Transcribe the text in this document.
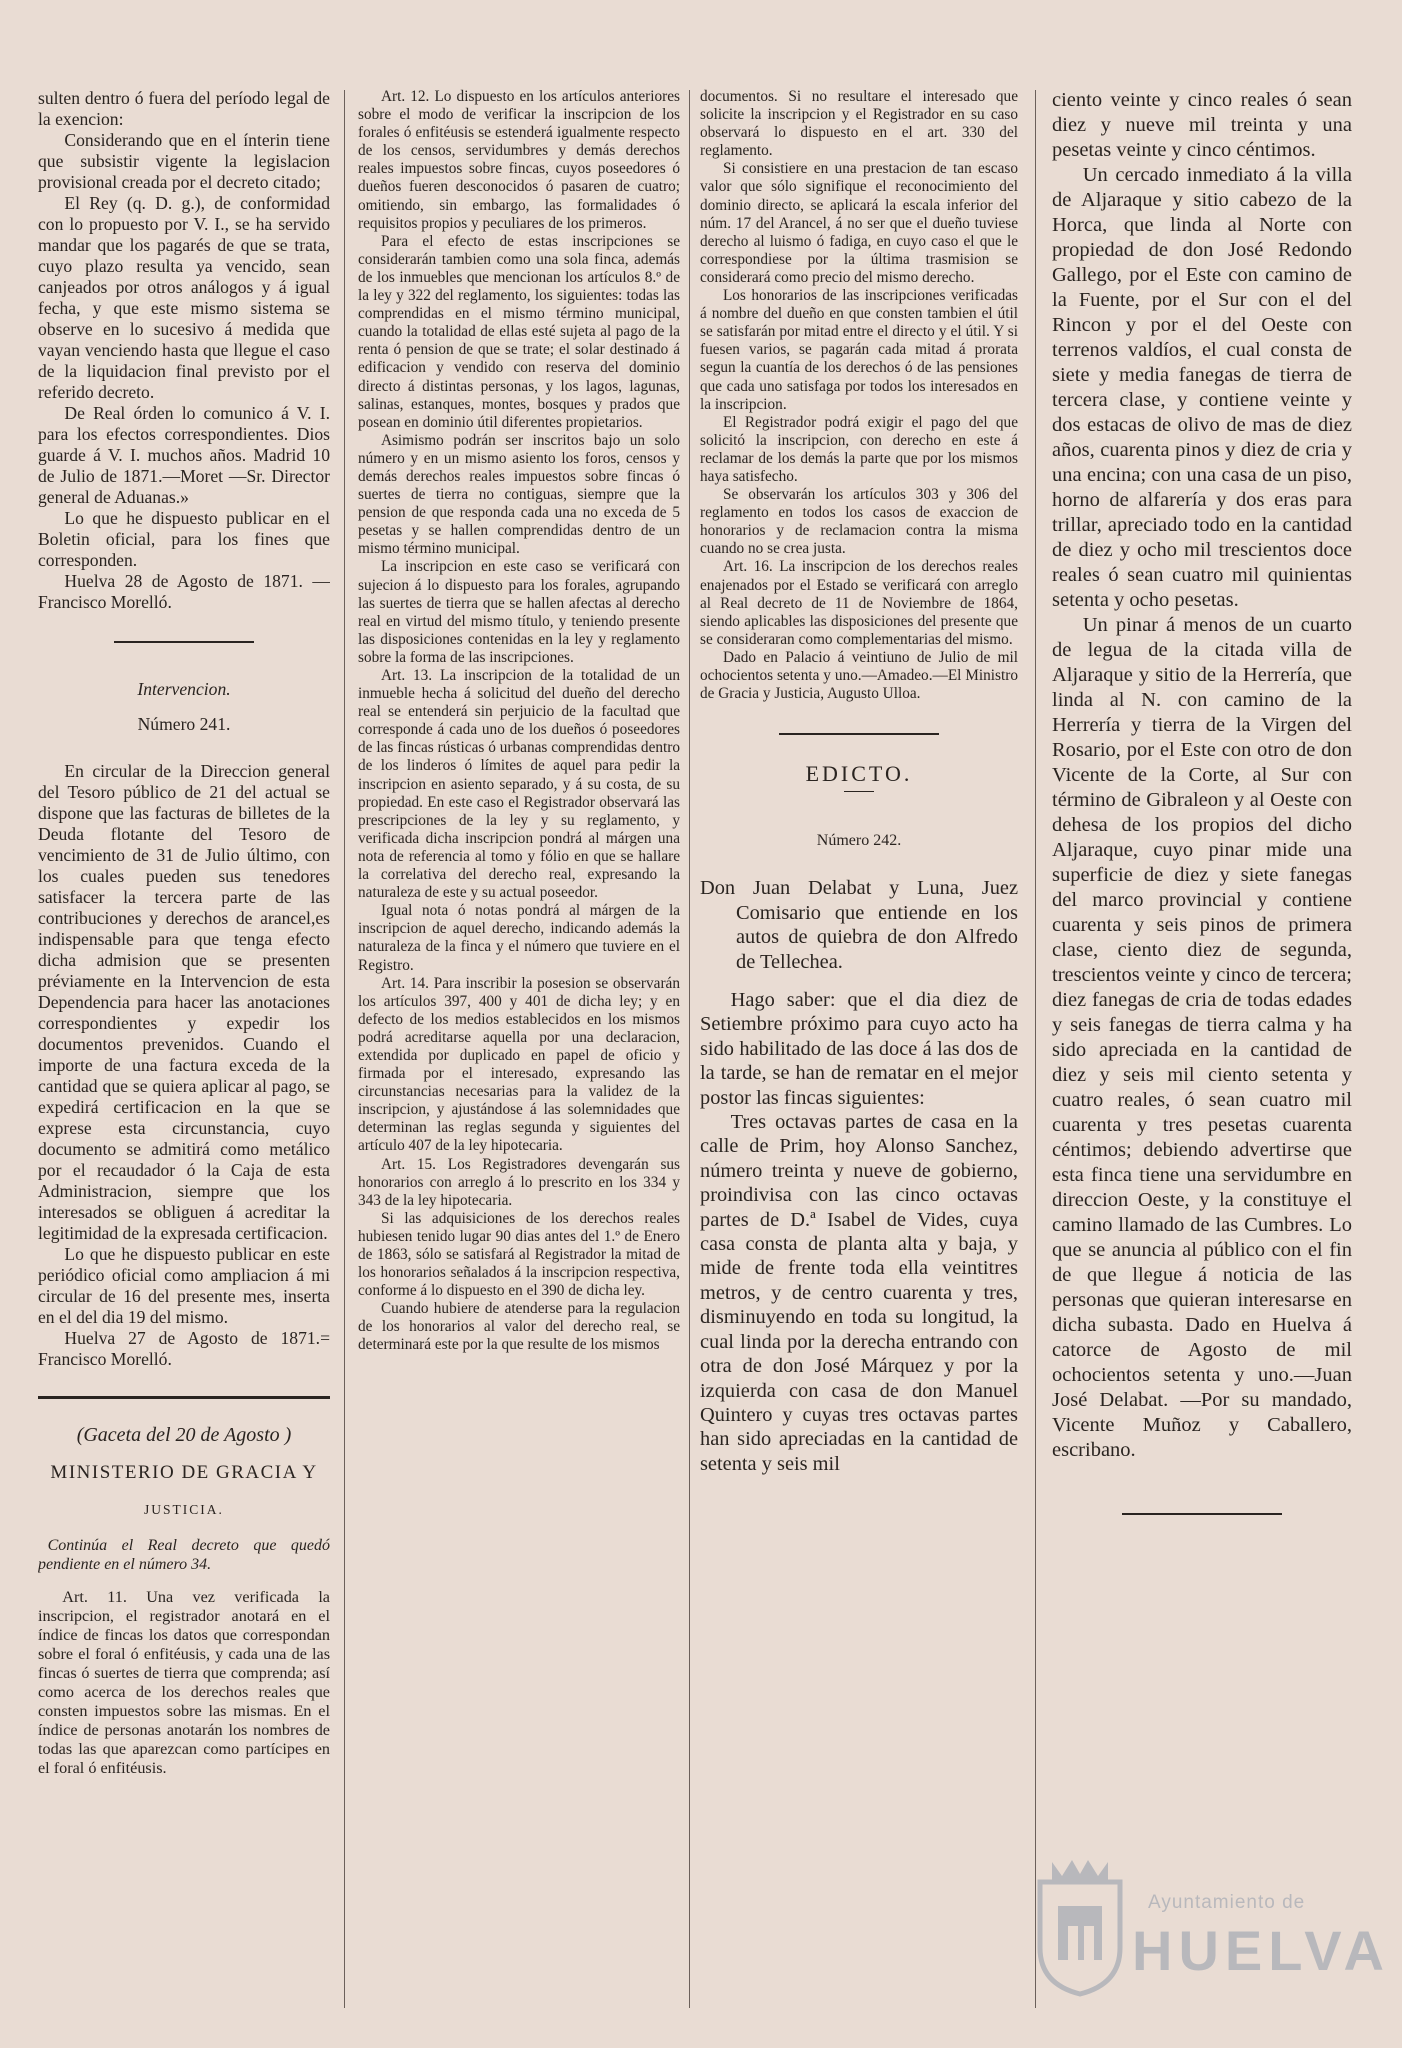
sulten dentro ó fuera del período legal de la exencion:

Considerando que en el ínterin tiene que subsistir vigente la legislacion provisional creada por el decreto citado;

El Rey (q. D. g.), de conformidad con lo propuesto por V. I., se ha servido mandar que los pagarés de que se trata, cuyo plazo resulta ya vencido, sean canjeados por otros análogos y á igual fecha, y que este mismo sistema se observe en lo sucesivo á medida que vayan venciendo hasta que llegue el caso de la liquidacion final previsto por el referido decreto.

De Real órden lo comunico á V. I. para los efectos correspondientes. Dios guarde á V. I. muchos años. Madrid 10 de Julio de 1871.—Moret —Sr. Director general de Aduanas.»

Lo que he dispuesto publicar en el Boletin oficial, para los fines que corresponden.

Huelva 28 de Agosto de 1871. —Francisco Morelló.

Intervencion.

Número 241.

En circular de la Direccion general del Tesoro público de 21 del actual se dispone que las facturas de billetes de la Deuda flotante del Tesoro de vencimiento de 31 de Julio último, con los cuales pueden sus tenedores satisfacer la tercera parte de las contribuciones y derechos de arancel,es indispensable para que tenga efecto dicha admision que se presenten préviamente en la Intervencion de esta Dependencia para hacer las anotaciones correspondientes y expedir los documentos prevenidos. Cuando el importe de una factura exceda de la cantidad que se quiera aplicar al pago, se expedirá certificacion en la que se exprese esta circunstancia, cuyo documento se admitirá como metálico por el recaudador ó la Caja de esta Administracion, siempre que los interesados se obliguen á acreditar la legitimidad de la expresada certificacion.

Lo que he dispuesto publicar en este periódico oficial como ampliacion á mi circular de 16 del presente mes, inserta en el del dia 19 del mismo.

Huelva 27 de Agosto de 1871.= Francisco Morelló.

(Gaceta del 20 de Agosto )

MINISTERIO DE GRACIA Y

JUSTICIA.

Continúa el Real decreto que quedó pendiente en el número 34.

Art. 11. Una vez verificada la inscripcion, el registrador anotará en el índice de fincas los datos que correspondan sobre el foral ó enfitéusis, y cada una de las fincas ó suertes de tierra que comprenda; así como acerca de los derechos reales que consten impuestos sobre las mismas. En el índice de personas anotarán los nombres de todas las que aparezcan como partícipes en el foral ó enfitéusis.

Art. 12. Lo dispuesto en los artículos anteriores sobre el modo de verificar la inscripcion de los forales ó enfitéusis se estenderá igualmente respecto de los censos, servidumbres y demás derechos reales impuestos sobre fincas, cuyos poseedores ó dueños fueren desconocidos ó pasaren de cuatro; omitiendo, sin embargo, las formalidades ó requisitos propios y peculiares de los primeros.

Para el efecto de estas inscripciones se considerarán tambien como una sola finca, además de los inmuebles que mencionan los artículos 8.º de la ley y 322 del reglamento, los siguientes: todas las comprendidas en el mismo término municipal, cuando la totalidad de ellas esté sujeta al pago de la renta ó pension de que se trate; el solar destinado á edificacion y vendido con reserva del dominio directo á distintas personas, y los lagos, lagunas, salinas, estanques, montes, bosques y prados que posean en dominio útil diferentes propietarios.

Asimismo podrán ser inscritos bajo un solo número y en un mismo asiento los foros, censos y demás derechos reales impuestos sobre fincas ó suertes de tierra no contiguas, siempre que la pension de que responda cada una no exceda de 5 pesetas y se hallen comprendidas dentro de un mismo término municipal.

La inscripcion en este caso se verificará con sujecion á lo dispuesto para los forales, agrupando las suertes de tierra que se hallen afectas al derecho real en virtud del mismo título, y teniendo presente las disposiciones contenidas en la ley y reglamento sobre la forma de las inscripciones.

Art. 13. La inscripcion de la totalidad de un inmueble hecha á solicitud del dueño del derecho real se entenderá sin perjuicio de la facultad que corresponde á cada uno de los dueños ó poseedores de las fincas rústicas ó urbanas comprendidas dentro de los linderos ó límites de aquel para pedir la inscripcion en asiento separado, y á su costa, de su propiedad. En este caso el Registrador observará las prescripciones de la ley y su reglamento, y verificada dicha inscripcion pondrá al márgen una nota de referencia al tomo y fólio en que se hallare la correlativa del derecho real, expresando la naturaleza de este y su actual poseedor.

Igual nota ó notas pondrá al márgen de la inscripcion de aquel derecho, indicando además la naturaleza de la finca y el número que tuviere en el Registro.

Art. 14. Para inscribir la posesion se observarán los artículos 397, 400 y 401 de dicha ley; y en defecto de los medios establecidos en los mismos podrá acreditarse aquella por una declaracion, extendida por duplicado en papel de oficio y firmada por el interesado, expresando las circunstancias necesarias para la validez de la inscripcion, y ajustándose á las solemnidades que determinan las reglas segunda y siguientes del artículo 407 de la ley hipotecaria.

Art. 15. Los Registradores devengarán sus honorarios con arreglo á lo prescrito en los 334 y 343 de la ley hipotecaria.

Si las adquisiciones de los derechos reales hubiesen tenido lugar 90 dias antes del 1.º de Enero de 1863, sólo se satisfará al Registrador la mitad de los honorarios señalados á la inscripcion respectiva, conforme á lo dispuesto en el 390 de dicha ley.

Cuando hubiere de atenderse para la regulacion de los honorarios al valor del derecho real, se determinará este por la que resulte de los mismos

documentos. Si no resultare el interesado que solicite la inscripcion y el Registrador en su caso observará lo dispuesto en el art. 330 del reglamento.

Si consistiere en una prestacion de tan escaso valor que sólo signifique el reconocimiento del dominio directo, se aplicará la escala inferior del núm. 17 del Arancel, á no ser que el dueño tuviese derecho al luismo ó fadiga, en cuyo caso el que le correspondiese por la última trasmision se considerará como precio del mismo derecho.

Los honorarios de las inscripciones verificadas á nombre del dueño en que consten tambien el útil se satisfarán por mitad entre el directo y el útil. Y si fuesen varios, se pagarán cada mitad á prorata segun la cuantía de los derechos ó de las pensiones que cada uno satisfaga por todos los interesados en la inscripcion.

El Registrador podrá exigir el pago del que solicitó la inscripcion, con derecho en este á reclamar de los demás la parte que por los mismos haya satisfecho.

Se observarán los artículos 303 y 306 del reglamento en todos los casos de exaccion de honorarios y de reclamacion contra la misma cuando no se crea justa.

Art. 16. La inscripcion de los derechos reales enajenados por el Estado se verificará con arreglo al Real decreto de 11 de Noviembre de 1864, siendo aplicables las disposiciones del presente que se consideraran como complementarias del mismo.

Dado en Palacio á veintiuno de Julio de mil ochocientos setenta y uno.—Amadeo.—El Ministro de Gracia y Justicia, Augusto Ulloa.

EDICTO.

Número 242.

Don Juan Delabat y Luna, Juez Comisario que entiende en los autos de quiebra de don Alfredo de Tellechea.

Hago saber: que el dia diez de Setiembre próximo para cuyo acto ha sido habilitado de las doce á las dos de la tarde, se han de rematar en el mejor postor las fincas siguientes:

Tres octavas partes de casa en la calle de Prim, hoy Alonso Sanchez, número treinta y nueve de gobierno, proindivisa con las cinco octavas partes de D.ª Isabel de Vides, cuya casa consta de planta alta y baja, y mide de frente toda ella veintitres metros, y de centro cuarenta y tres, disminuyendo en toda su longitud, la cual linda por la derecha entrando con otra de don José Márquez y por la izquierda con casa de don Manuel Quintero y cuyas tres octavas partes han sido apreciadas en la cantidad de setenta y seis mil

ciento veinte y cinco reales ó sean diez y nueve mil treinta y una pesetas veinte y cinco céntimos.

Un cercado inmediato á la villa de Aljaraque y sitio cabezo de la Horca, que linda al Norte con propiedad de don José Redondo Gallego, por el Este con camino de la Fuente, por el Sur con el del Rincon y por el del Oeste con terrenos valdíos, el cual consta de siete y media fanegas de tierra de tercera clase, y contiene veinte y dos estacas de olivo de mas de diez años, cuarenta pinos y diez de cria y una encina; con una casa de un piso, horno de alfarería y dos eras para trillar, apreciado todo en la cantidad de diez y ocho mil trescientos doce reales ó sean cuatro mil quinientas setenta y ocho pesetas.

Un pinar á menos de un cuarto de legua de la citada villa de Aljaraque y sitio de la Herrería, que linda al N. con camino de la Herrería y tierra de la Virgen del Rosario, por el Este con otro de don Vicente de la Corte, al Sur con término de Gibraleon y al Oeste con dehesa de los propios del dicho Aljaraque, cuyo pinar mide una superficie de diez y siete fanegas del marco provincial y contiene cuarenta y seis pinos de primera clase, ciento diez de segunda, trescientos veinte y cinco de tercera; diez fanegas de cria de todas edades y seis fanegas de tierra calma y ha sido apreciada en la cantidad de diez y seis mil ciento setenta y cuatro reales, ó sean cuatro mil cuarenta y tres pesetas cuarenta céntimos; debiendo advertirse que esta finca tiene una servidumbre en direccion Oeste, y la constituye el camino llamado de las Cumbres. Lo que se anuncia al público con el fin de que llegue á noticia de las personas que quieran interesarse en dicha subasta. Dado en Huelva á catorce de Agosto de mil ochocientos setenta y uno.—Juan José Delabat. —Por su mandado, Vicente Muñoz y Caballero, escribano.

Ayuntamiento de
HUELVA
